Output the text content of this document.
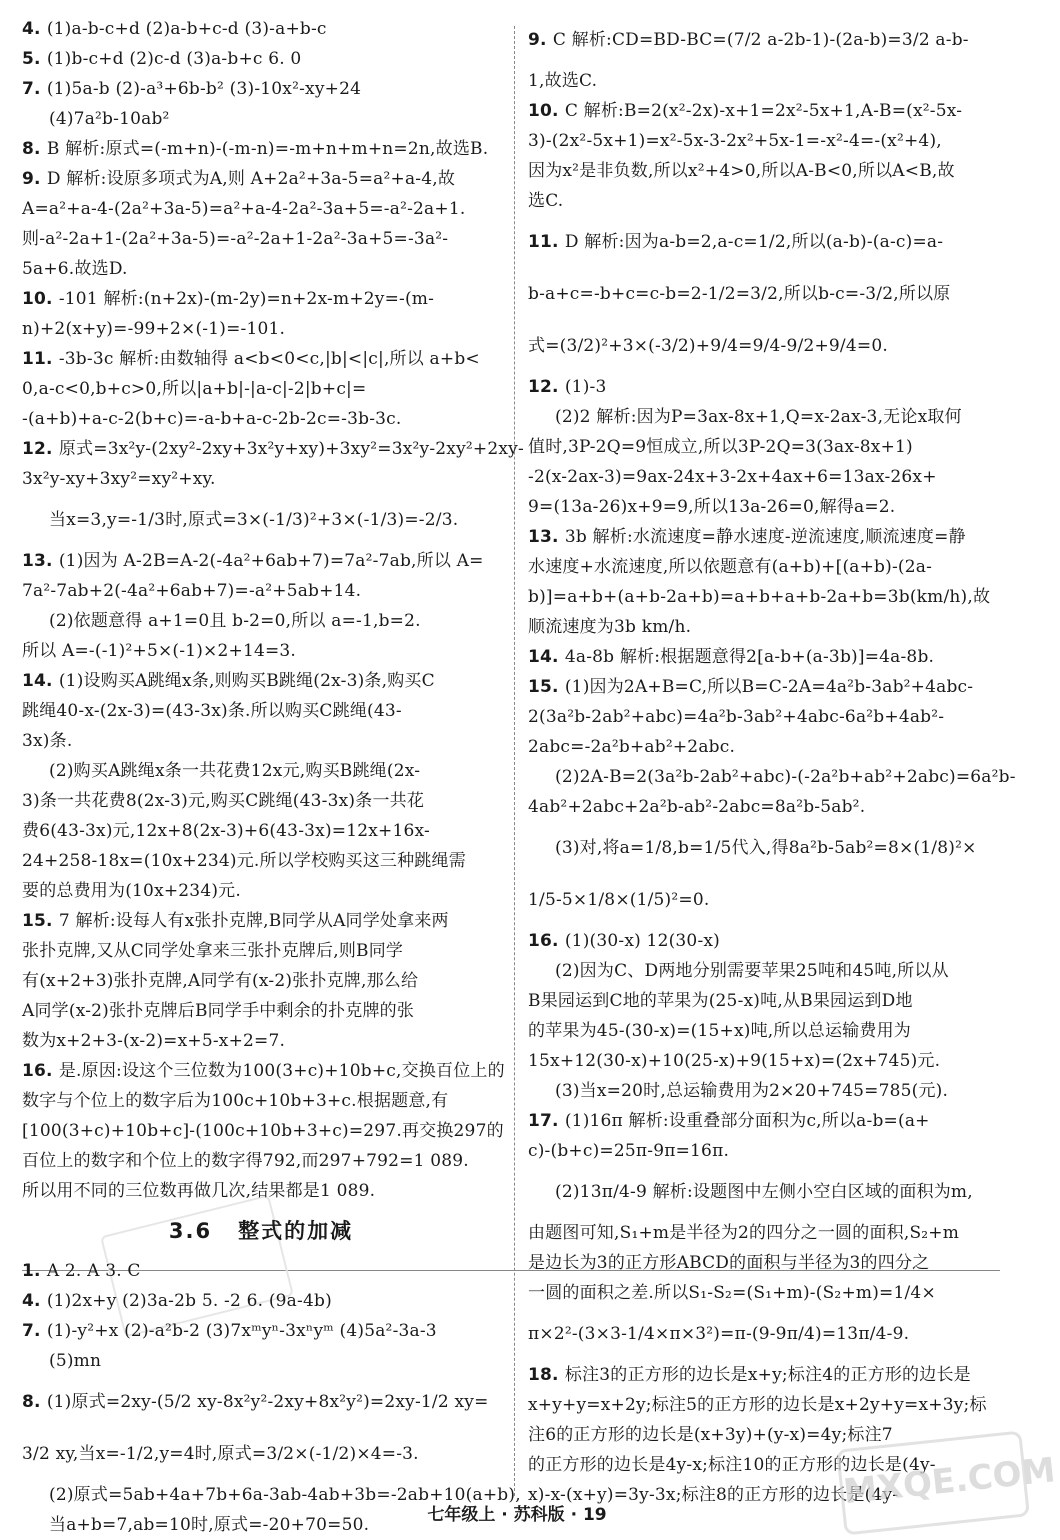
4. (1)a-b-c+d (2)a-b+c-d (3)-a+b-c
5. (1)b-c+d (2)c-d (3)a-b+c 6. 0
7. (1)5a-b (2)-a³+6b-b² (3)-10x²-xy+24
(4)7a²b-10ab²
8. B 解析:原式=(-m+n)-(-m-n)=-m+n+m+n=2n,故选B.
9. D 解析:设原多项式为A,则 A+2a²+3a-5=a²+a-4,故
A=a²+a-4-(2a²+3a-5)=a²+a-4-2a²-3a+5=-a²-2a+1.
则-a²-2a+1-(2a²+3a-5)=-a²-2a+1-2a²-3a+5=-3a²-
5a+6.故选D.
10. -101 解析:(n+2x)-(m-2y)=n+2x-m+2y=-(m-
n)+2(x+y)=-99+2×(-1)=-101.
11. -3b-3c 解析:由数轴得 a<b<0<c,|b|<|c|,所以 a+b<
0,a-c<0,b+c>0,所以|a+b|-|a-c|-2|b+c|=
-(a+b)+a-c-2(b+c)=-a-b+a-c-2b-2c=-3b-3c.
12. 原式=3x²y-(2xy²-2xy+3x²y+xy)+3xy²=3x²y-2xy²+2xy-
3x²y-xy+3xy²=xy²+xy.
当x=3,y=-1/3时,原式=3×(-1/3)²+3×(-1/3)=-2/3.
13. (1)因为 A-2B=A-2(-4a²+6ab+7)=7a²-7ab,所以 A=
7a²-7ab+2(-4a²+6ab+7)=-a²+5ab+14.
(2)依题意得 a+1=0且 b-2=0,所以 a=-1,b=2.
所以 A=-(-1)²+5×(-1)×2+14=3.
14. (1)设购买A跳绳x条,则购买B跳绳(2x-3)条,购买C
跳绳40-x-(2x-3)=(43-3x)条.所以购买C跳绳(43-
3x)条.
(2)购买A跳绳x条一共花费12x元,购买B跳绳(2x-
3)条一共花费8(2x-3)元,购买C跳绳(43-3x)条一共花
费6(43-3x)元,12x+8(2x-3)+6(43-3x)=12x+16x-
24+258-18x=(10x+234)元.所以学校购买这三种跳绳需
要的总费用为(10x+234)元.
15. 7 解析:设每人有x张扑克牌,B同学从A同学处拿来两
张扑克牌,又从C同学处拿来三张扑克牌后,则B同学
有(x+2+3)张扑克牌,A同学有(x-2)张扑克牌,那么给
A同学(x-2)张扑克牌后B同学手中剩余的扑克牌的张
数为x+2+3-(x-2)=x+5-x+2=7.
16. 是.原因:设这个三位数为100(3+c)+10b+c,交换百位上的
数字与个位上的数字后为100c+10b+3+c.根据题意,有
[100(3+c)+10b+c]-(100c+10b+3+c)=297.再交换297的
百位上的数字和个位上的数字得792,而297+792=1 089.
所以用不同的三位数再做几次,结果都是1 089.
3.6 整式的加减
1. A 2. A 3. C
4. (1)2x+y (2)3a-2b 5. -2 6. (9a-4b)
7. (1)-y²+x (2)-a²b-2 (3)7xᵐyⁿ-3xⁿyᵐ (4)5a²-3a-3
(5)mn
8. (1)原式=2xy-(5/2 xy-8x²y²-2xy+8x²y²)=2xy-1/2 xy=
3/2 xy,当x=-1/2,y=4时,原式=3/2×(-1/2)×4=-3.
(2)原式=5ab+4a+7b+6a-3ab-4ab+3b=-2ab+10(a+b),
当a+b=7,ab=10时,原式=-20+70=50.
9. C 解析:CD=BD-BC=(7/2 a-2b-1)-(2a-b)=3/2 a-b-
1,故选C.
10. C 解析:B=2(x²-2x)-x+1=2x²-5x+1,A-B=(x²-5x-
3)-(2x²-5x+1)=x²-5x-3-2x²+5x-1=-x²-4=-(x²+4),
因为x²是非负数,所以x²+4>0,所以A-B<0,所以A<B,故
选C.
11. D 解析:因为a-b=2,a-c=1/2,所以(a-b)-(a-c)=a-
b-a+c=-b+c=c-b=2-1/2=3/2,所以b-c=-3/2,所以原
式=(3/2)²+3×(-3/2)+9/4=9/4-9/2+9/4=0.
12. (1)-3
(2)2 解析:因为P=3ax-8x+1,Q=x-2ax-3,无论x取何
值时,3P-2Q=9恒成立,所以3P-2Q=3(3ax-8x+1)
-2(x-2ax-3)=9ax-24x+3-2x+4ax+6=13ax-26x+
9=(13a-26)x+9=9,所以13a-26=0,解得a=2.
13. 3b 解析:水流速度=静水速度-逆流速度,顺流速度=静
水速度+水流速度,所以依题意有(a+b)+[(a+b)-(2a-
b)]=a+b+(a+b-2a+b)=a+b+a+b-2a+b=3b(km/h),故
顺流速度为3b km/h.
14. 4a-8b 解析:根据题意得2[a-b+(a-3b)]=4a-8b.
15. (1)因为2A+B=C,所以B=C-2A=4a²b-3ab²+4abc-
2(3a²b-2ab²+abc)=4a²b-3ab²+4abc-6a²b+4ab²-
2abc=-2a²b+ab²+2abc.
(2)2A-B=2(3a²b-2ab²+abc)-(-2a²b+ab²+2abc)=6a²b-
4ab²+2abc+2a²b-ab²-2abc=8a²b-5ab².
(3)对,将a=1/8,b=1/5代入,得8a²b-5ab²=8×(1/8)²×
1/5-5×1/8×(1/5)²=0.
16. (1)(30-x) 12(30-x)
(2)因为C、D两地分别需要苹果25吨和45吨,所以从
B果园运到C地的苹果为(25-x)吨,从B果园运到D地
的苹果为45-(30-x)=(15+x)吨,所以总运输费用为
15x+12(30-x)+10(25-x)+9(15+x)=(2x+745)元.
(3)当x=20时,总运输费用为2×20+745=785(元).
17. (1)16π 解析:设重叠部分面积为c,所以a-b=(a+
c)-(b+c)=25π-9π=16π.
(2)13π/4-9 解析:设题图中左侧小空白区域的面积为m,
由题图可知,S₁+m是半径为2的四分之一圆的面积,S₂+m
是边长为3的正方形ABCD的面积与半径为3的四分之
一圆的面积之差.所以S₁-S₂=(S₁+m)-(S₂+m)=1/4×
π×2²-(3×3-1/4×π×3²)=π-(9-9π/4)=13π/4-9.
18. 标注3的正方形的边长是x+y;标注4的正方形的边长是
x+y+y=x+2y;标注5的正方形的边长是x+2y+y=x+3y;标
注6的正方形的边长是(x+3y)+(y-x)=4y;标注7
的正方形的边长是4y-x;标注10的正方形的边长是(4y-
x)-x-(x+y)=3y-3x;标注8的正方形的边长是(4y-
七年级上 · 苏科版 · 19
MXQE.COM
